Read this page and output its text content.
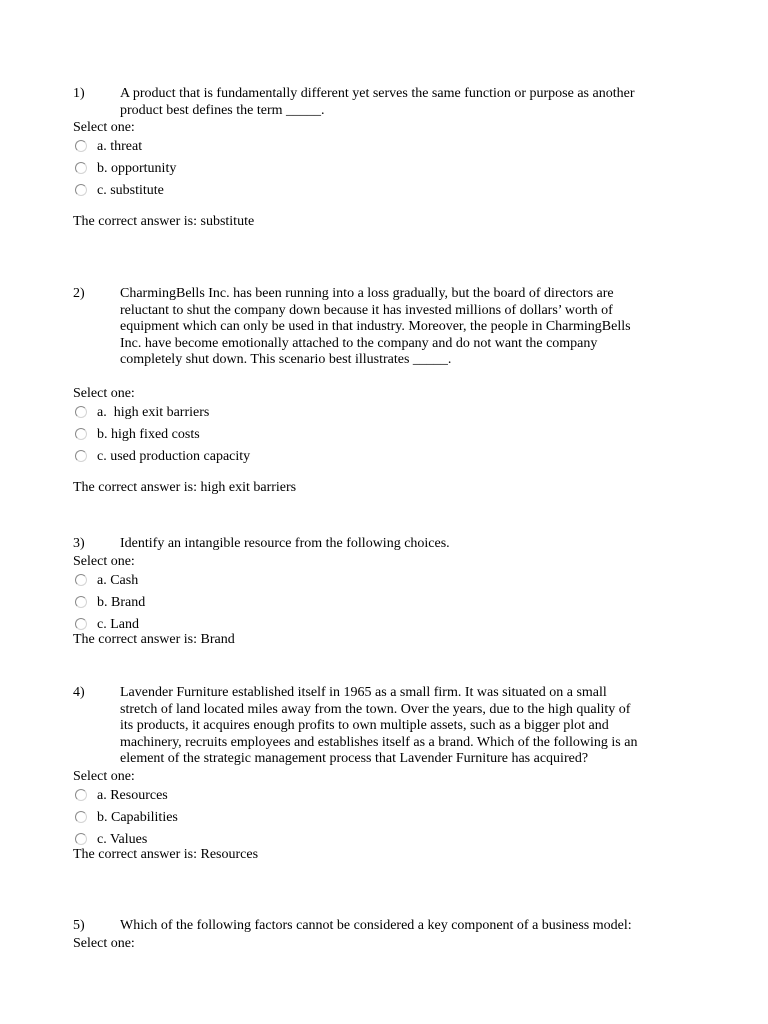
1)	A product that is fundamentally different yet serves the same function or purpose as another
product best defines the term _____.
Select one:
a. threat
b. opportunity
c. substitute
The correct answer is: substitute
2)	CharmingBells Inc. has been running into a loss gradually, but the board of directors are
reluctant to shut the company down because it has invested millions of dollars’ worth of
equipment which can only be used in that industry. Moreover, the people in CharmingBells
Inc. have become emotionally attached to the company and do not want the company
completely shut down. This scenario best illustrates _____.
Select one:
a.  high exit barriers
b. high fixed costs
c. used production capacity
The correct answer is: high exit barriers
3)	Identify an intangible resource from the following choices.
Select one:
a. Cash
b. Brand
c. Land
The correct answer is: Brand
4)	Lavender Furniture established itself in 1965 as a small firm. It was situated on a small
stretch of land located miles away from the town. Over the years, due to the high quality of
its products, it acquires enough profits to own multiple assets, such as a bigger plot and
machinery, recruits employees and establishes itself as a brand. Which of the following is an
element of the strategic management process that Lavender Furniture has acquired?
Select one:
a. Resources
b. Capabilities
c. Values
The correct answer is: Resources
5)	Which of the following factors cannot be considered a key component of a business model:
Select one:
